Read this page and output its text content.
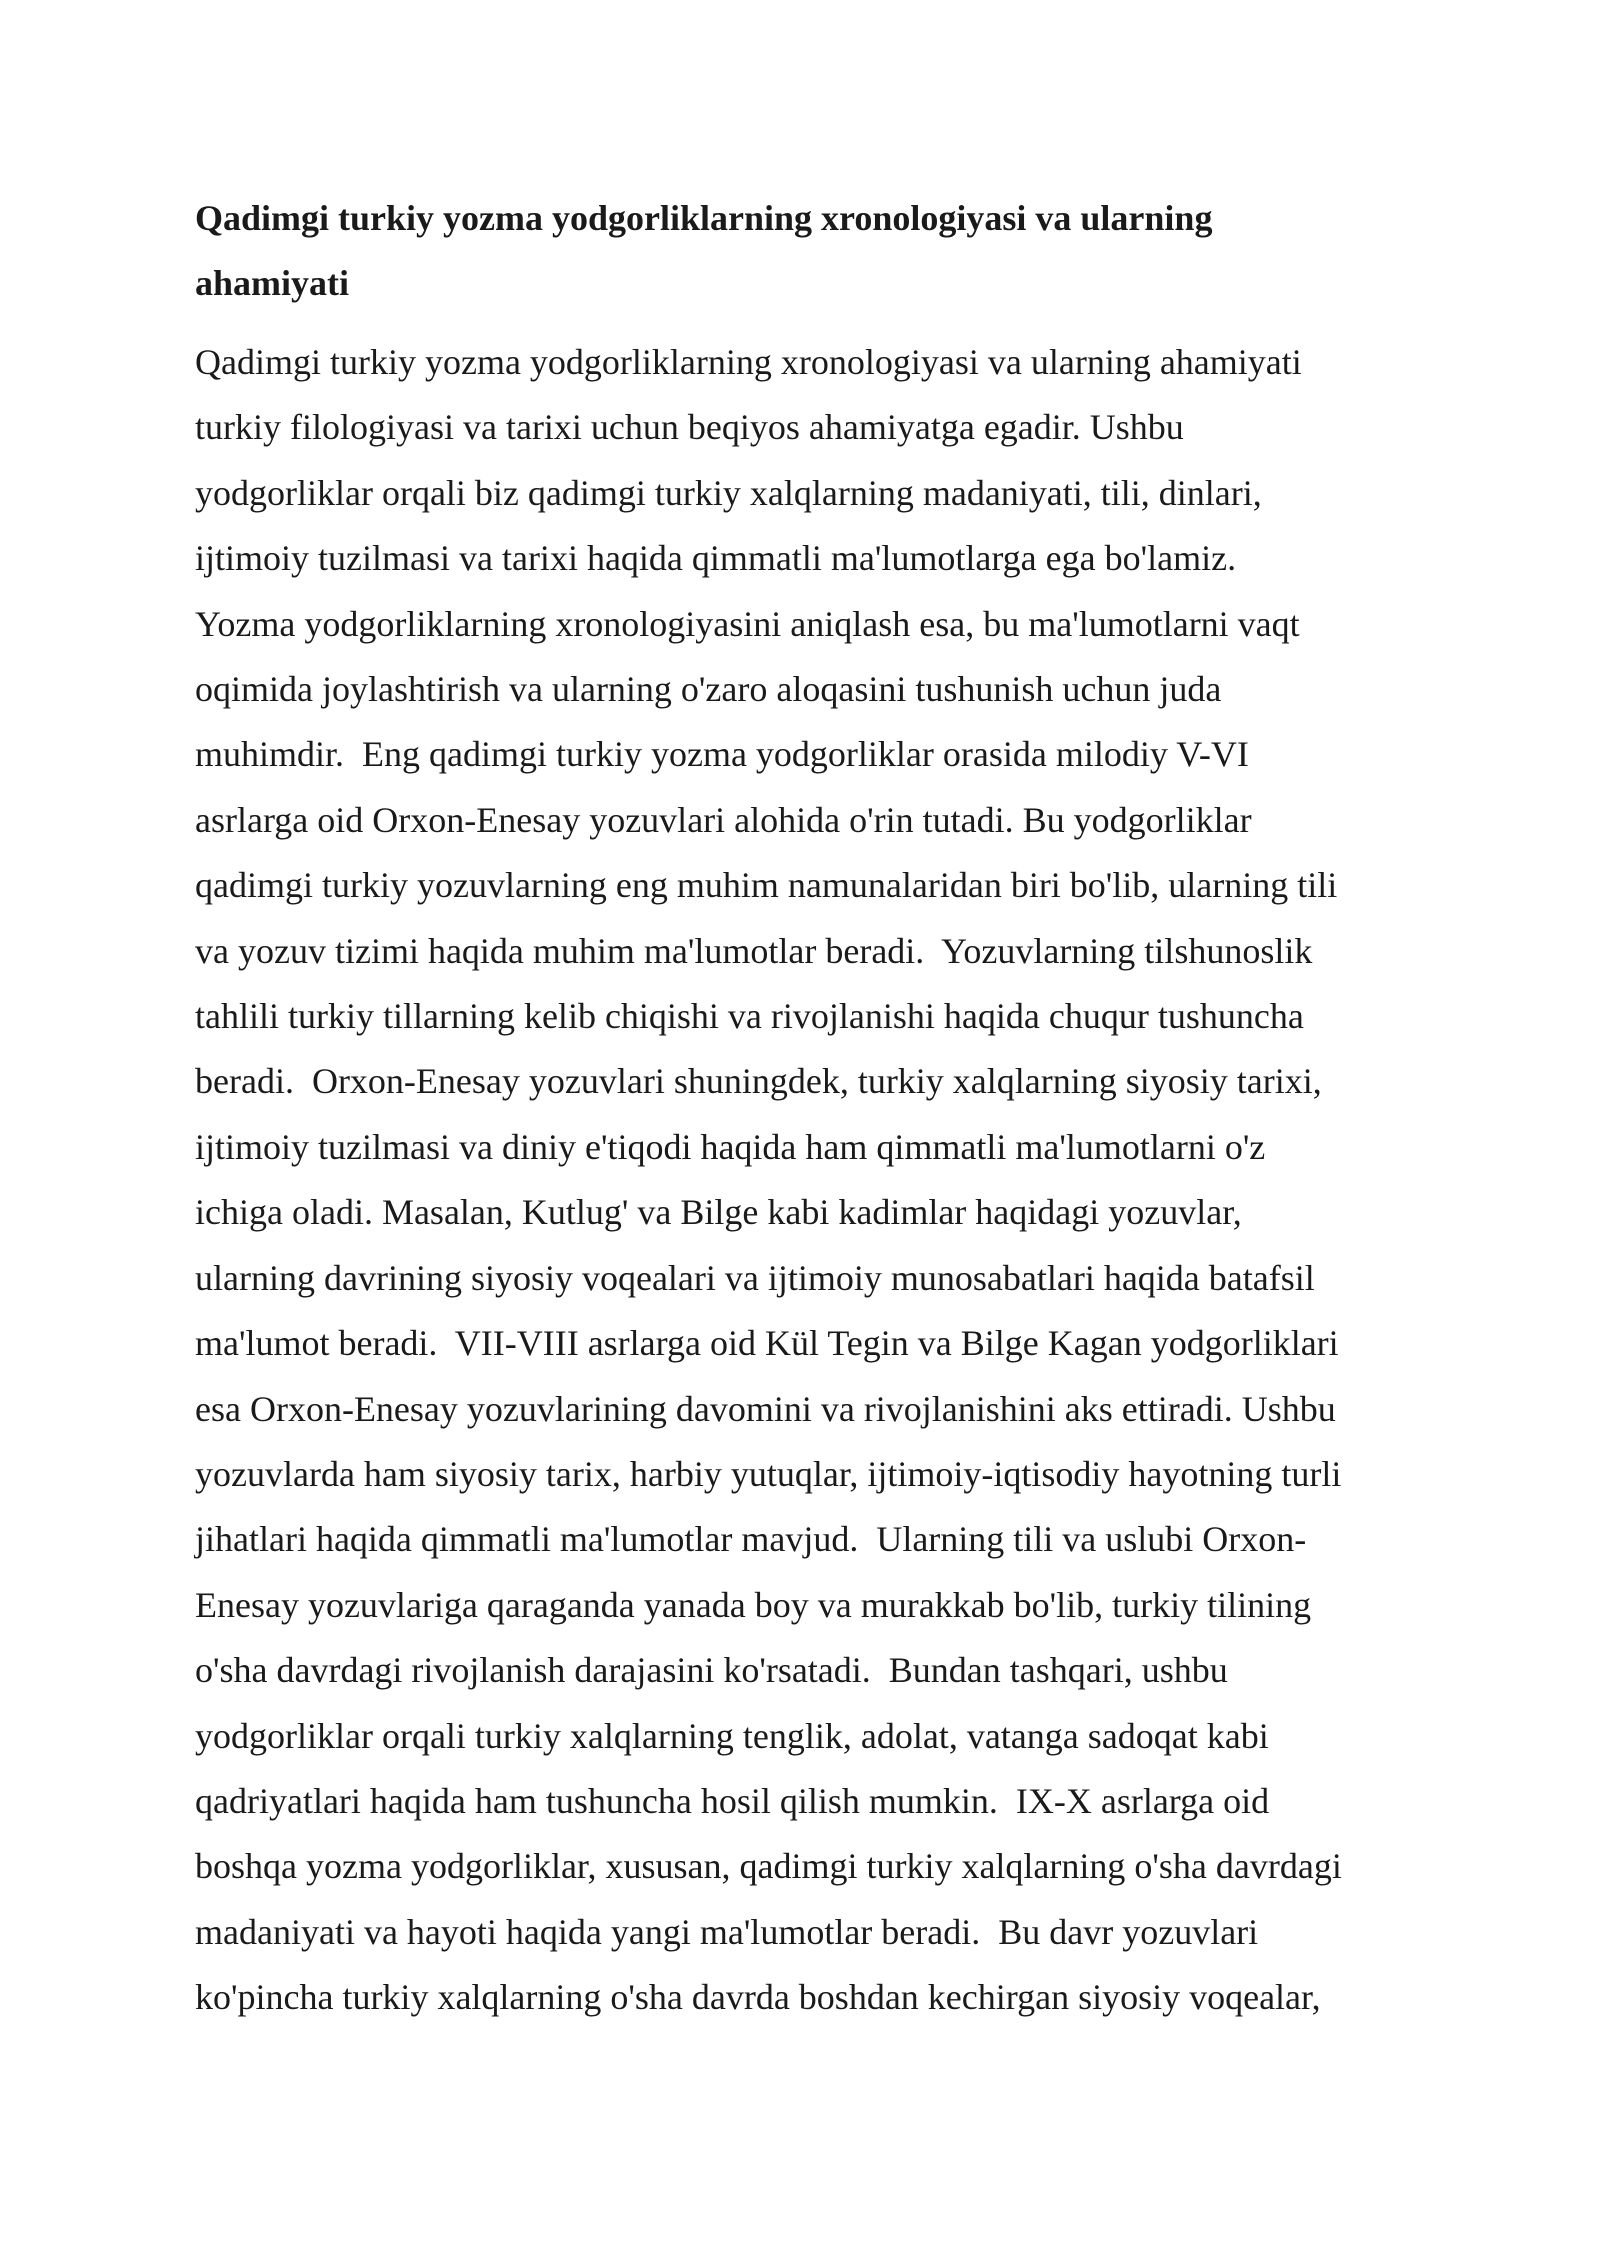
Qadimgi turkiy yozma yodgorliklarning xronologiyasi va ularning
ahamiyati

Qadimgi turkiy yozma yodgorliklarning xronologiyasi va ularning ahamiyati
turkiy filologiyasi va tarixi uchun beqiyos ahamiyatga egadir. Ushbu
yodgorliklar orqali biz qadimgi turkiy xalqlarning madaniyati, tili, dinlari,
ijtimoiy tuzilmasi va tarixi haqida qimmatli ma'lumotlarga ega bo'lamiz.
Yozma yodgorliklarning xronologiyasini aniqlash esa, bu ma'lumotlarni vaqt
oqimida joylashtirish va ularning o'zaro aloqasini tushunish uchun juda
muhimdir.  Eng qadimgi turkiy yozma yodgorliklar orasida milodiy V-VI
asrlarga oid Orxon-Enesay yozuvlari alohida o'rin tutadi. Bu yodgorliklar
qadimgi turkiy yozuvlarning eng muhim namunalaridan biri bo'lib, ularning tili
va yozuv tizimi haqida muhim ma'lumotlar beradi.  Yozuvlarning tilshunoslik
tahlili turkiy tillarning kelib chiqishi va rivojlanishi haqida chuqur tushuncha
beradi.  Orxon-Enesay yozuvlari shuningdek, turkiy xalqlarning siyosiy tarixi,
ijtimoiy tuzilmasi va diniy e'tiqodi haqida ham qimmatli ma'lumotlarni o'z
ichiga oladi. Masalan, Kutlug' va Bilge kabi kadimlar haqidagi yozuvlar,
ularning davrining siyosiy voqealari va ijtimoiy munosabatlari haqida batafsil
ma'lumot beradi.  VII-VIII asrlarga oid Kül Tegin va Bilge Kagan yodgorliklari
esa Orxon-Enesay yozuvlarining davomini va rivojlanishini aks ettiradi. Ushbu
yozuvlarda ham siyosiy tarix, harbiy yutuqlar, ijtimoiy-iqtisodiy hayotning turli
jihatlari haqida qimmatli ma'lumotlar mavjud.  Ularning tili va uslubi Orxon-
Enesay yozuvlariga qaraganda yanada boy va murakkab bo'lib, turkiy tilining
o'sha davrdagi rivojlanish darajasini ko'rsatadi.  Bundan tashqari, ushbu
yodgorliklar orqali turkiy xalqlarning tenglik, adolat, vatanga sadoqat kabi
qadriyatlari haqida ham tushuncha hosil qilish mumkin.  IX-X asrlarga oid
boshqa yozma yodgorliklar, xususan, qadimgi turkiy xalqlarning o'sha davrdagi
madaniyati va hayoti haqida yangi ma'lumotlar beradi.  Bu davr yozuvlari
ko'pincha turkiy xalqlarning o'sha davrda boshdan kechirgan siyosiy voqealar,
